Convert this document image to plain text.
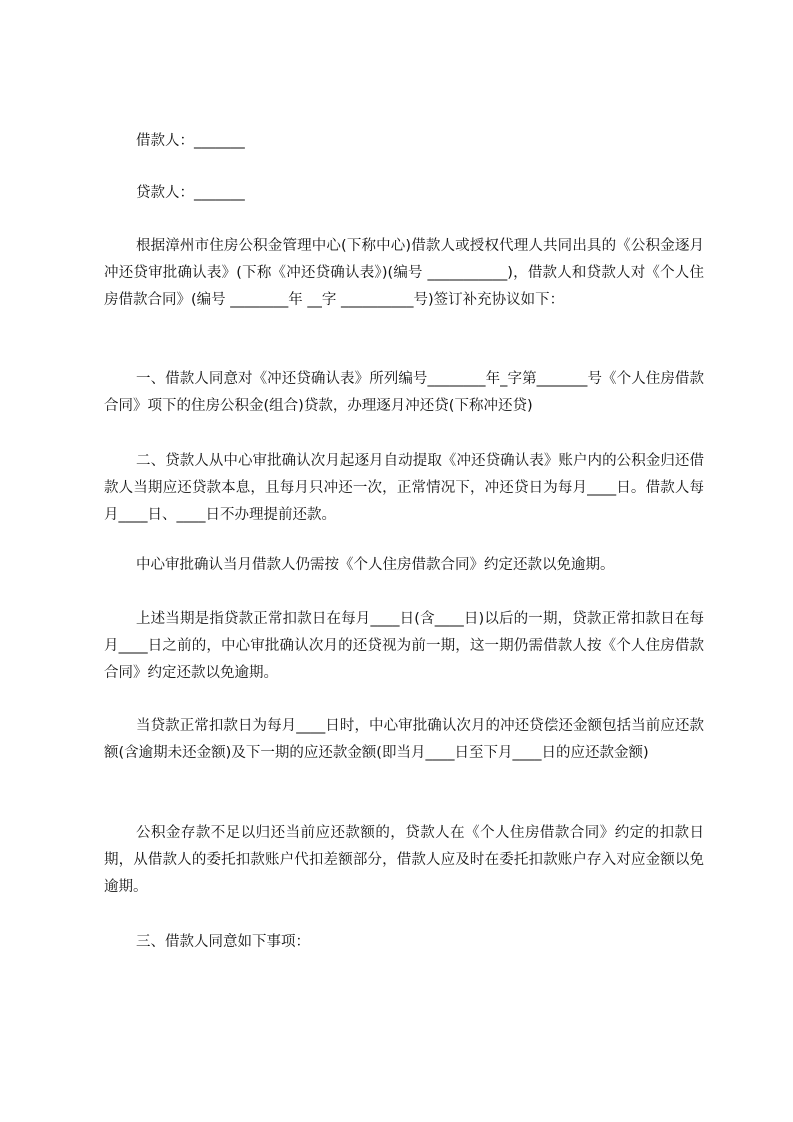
借款人：_______

贷款人：_______

根据漳州市住房公积金管理中心(下称中心)借款人或授权代理人共同出具的《公积金逐月冲还贷审批确认表》(下称《冲还贷确认表》)(编号 ___________)，借款人和贷款人对《个人住房借款合同》(编号 ________年 __字 __________号)签订补充协议如下：

一、借款人同意对《冲还贷确认表》所列编号________年_字第_______号《个人住房借款合同》项下的住房公积金(组合)贷款，办理逐月冲还贷(下称冲还贷)

二、贷款人从中心审批确认次月起逐月自动提取《冲还贷确认表》账户内的公积金归还借款人当期应还贷款本息，且每月只冲还一次，正常情况下，冲还贷日为每月____日。借款人每月____日、____日不办理提前还款。

中心审批确认当月借款人仍需按《个人住房借款合同》约定还款以免逾期。

上述当期是指贷款正常扣款日在每月____日(含____日)以后的一期，贷款正常扣款日在每月____日之前的，中心审批确认次月的还贷视为前一期，这一期仍需借款人按《个人住房借款合同》约定还款以免逾期。

当贷款正常扣款日为每月____日时，中心审批确认次月的冲还贷偿还金额包括当前应还款额(含逾期未还金额)及下一期的应还款金额(即当月____日至下月____日的应还款金额)

公积金存款不足以归还当前应还款额的，贷款人在《个人住房借款合同》约定的扣款日期，从借款人的委托扣款账户代扣差额部分，借款人应及时在委托扣款账户存入对应金额以免逾期。

三、借款人同意如下事项：
